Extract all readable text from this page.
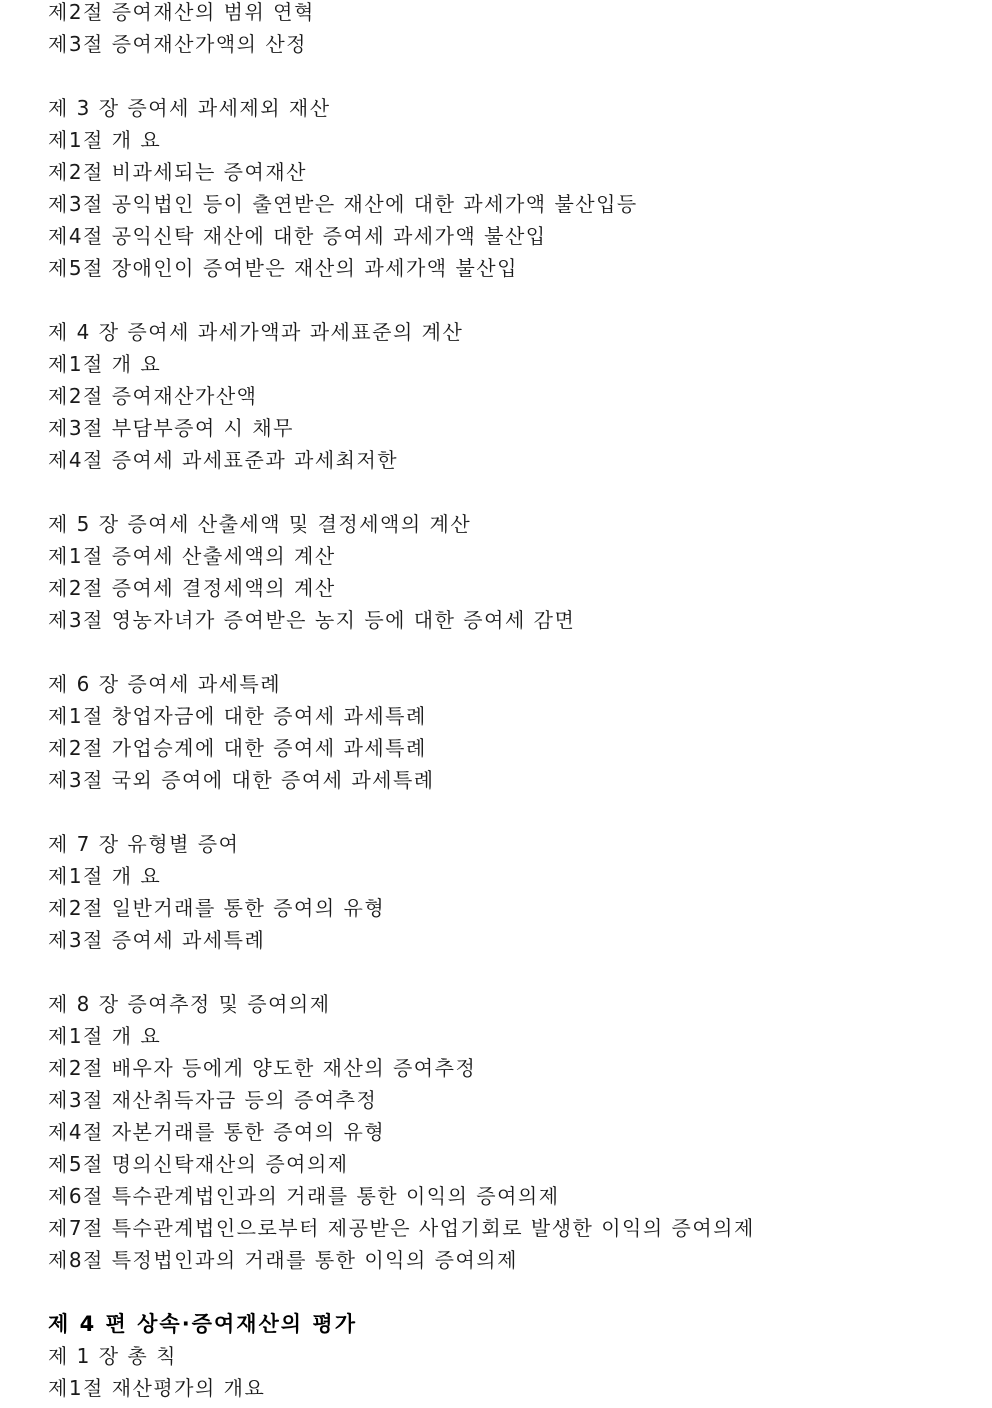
제2절 증여재산의 범위 연혁
제3절 증여재산가액의 산정
제 3 장 증여세 과세제외 재산
제1절 개 요
제2절 비과세되는 증여재산
제3절 공익법인 등이 출연받은 재산에 대한 과세가액 불산입등
제4절 공익신탁 재산에 대한 증여세 과세가액 불산입
제5절 장애인이 증여받은 재산의 과세가액 불산입
제 4 장 증여세 과세가액과 과세표준의 계산
제1절 개 요
제2절 증여재산가산액
제3절 부담부증여 시 채무
제4절 증여세 과세표준과 과세최저한
제 5 장 증여세 산출세액 및 결정세액의 계산
제1절 증여세 산출세액의 계산
제2절 증여세 결정세액의 계산
제3절 영농자녀가 증여받은 농지 등에 대한 증여세 감면
제 6 장 증여세 과세특례
제1절 창업자금에 대한 증여세 과세특례
제2절 가업승계에 대한 증여세 과세특례
제3절 국외 증여에 대한 증여세 과세특례
제 7 장 유형별 증여
제1절 개 요
제2절 일반거래를 통한 증여의 유형
제3절 증여세 과세특례
제 8 장 증여추정 및 증여의제
제1절 개 요
제2절 배우자 등에게 양도한 재산의 증여추정
제3절 재산취득자금 등의 증여추정
제4절 자본거래를 통한 증여의 유형
제5절 명의신탁재산의 증여의제
제6절 특수관계법인과의 거래를 통한 이익의 증여의제
제7절 특수관계법인으로부터 제공받은 사업기회로 발생한 이익의 증여의제
제8절 특정법인과의 거래를 통한 이익의 증여의제
제 4 편 상속·증여재산의 평가
제 1 장 총 칙
제1절 재산평가의 개요
